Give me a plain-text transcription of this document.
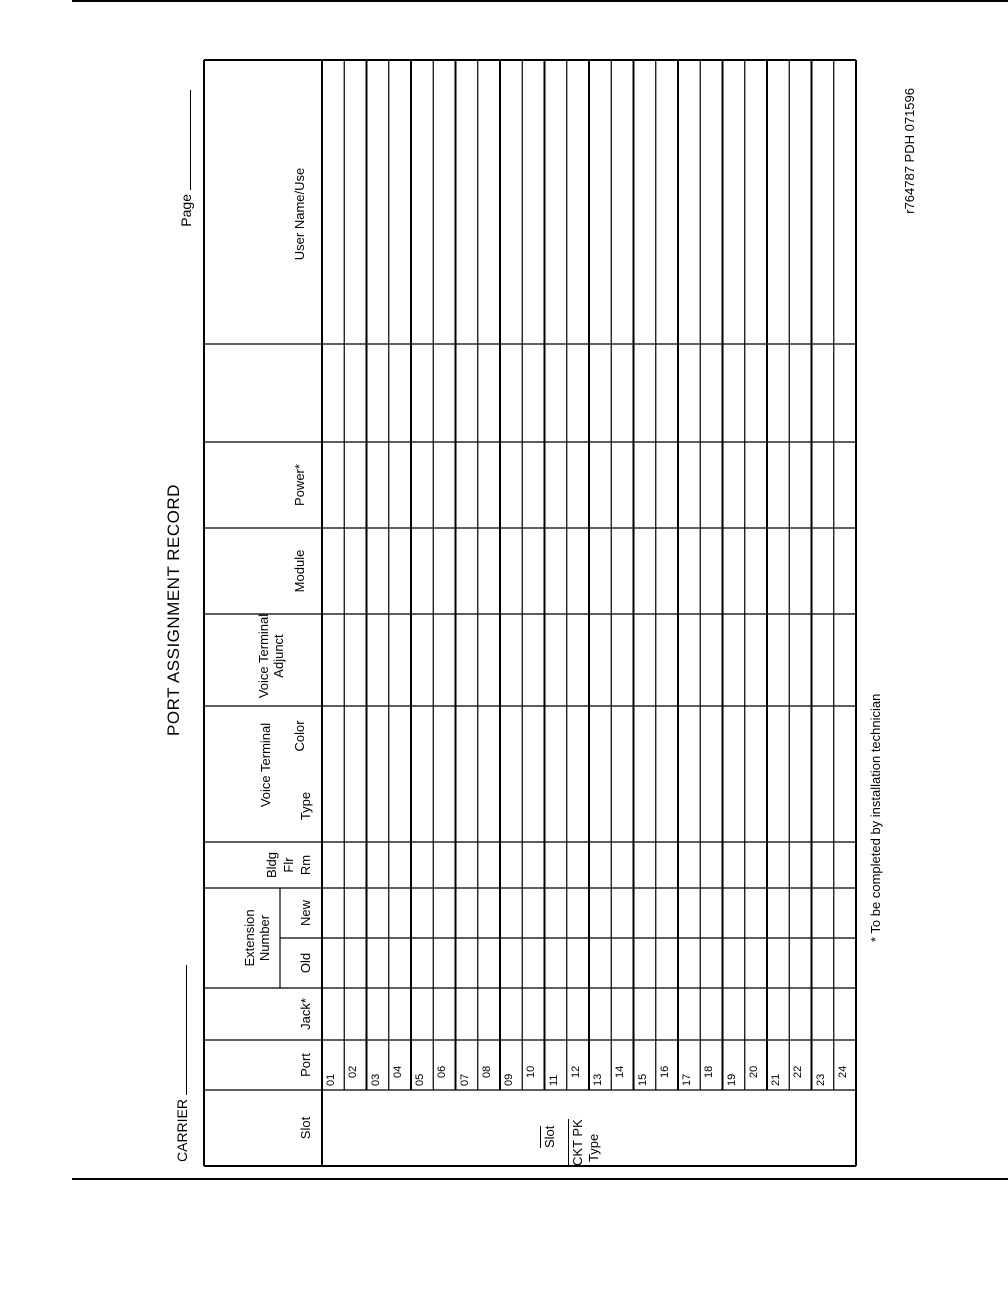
PORT ASSIGNMENT RECORD
CARRIER
Page
Slot
Port
Jack*
Extension Number
Old
New
Bldg Flr Rm
Voice Terminal Type
Color
Voice Terminal Adjunct
Module
Power*
User Name/Use
Slot CKT PK Type
01
02
03
04
05
06
07
08
09
10
11
12
13
14
15
16
17
18
19
20
21
22
23
24
* To be completed by installation technician
r764787 PDH 071596
